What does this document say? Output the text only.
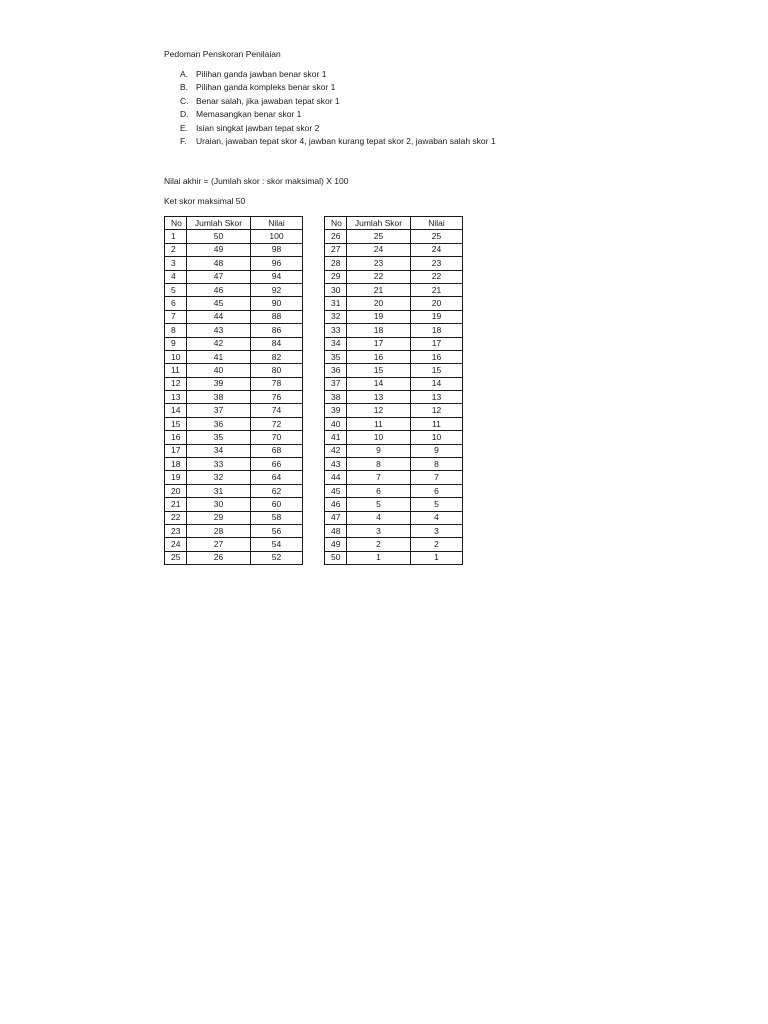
Pedoman Penskoran Penilaian
A. Pilihan ganda jawban benar skor 1
B. Pilihan ganda kompleks benar skor 1
C. Benar salah, jika jawaban tepat skor 1
D. Memasangkan benar skor 1
E. Isian singkat jawban tepat skor 2
F.	Uraian, jawaban tepat skor 4, jawban kurang tepat skor 2, jawaban salah skor 1
Nilai akhir = (Jumlah skor : skor maksimal) X 100
Ket skor maksimal 50
No	Jumlah Skor	Nilai
1	50	100
2	49	98
3	48	96
4	47	94
5	46	92
6	45	90
7	44	88
8	43	86
9	42	84
10	41	82
11	40	80
12	39	78
13	38	76
14	37	74
15	36	72
16	35	70
17	34	68
18	33	66
19	32	64
20	31	62
21	30	60
22	29	58
23	28	56
24	27	54
25	26	52
No	Jumlah Skor	Nilai
26	25	25
27	24	24
28	23	23
29	22	22
30	21	21
31	20	20
32	19	19
33	18	18
34	17	17
35	16	16
36	15	15
37	14	14
38	13	13
39	12	12
40	11	11
41	10	10
42	9	9
43	8	8
44	7	7
45	6	6
46	5	5
47	4	4
48	3	3
49	2	2
50	1	1
